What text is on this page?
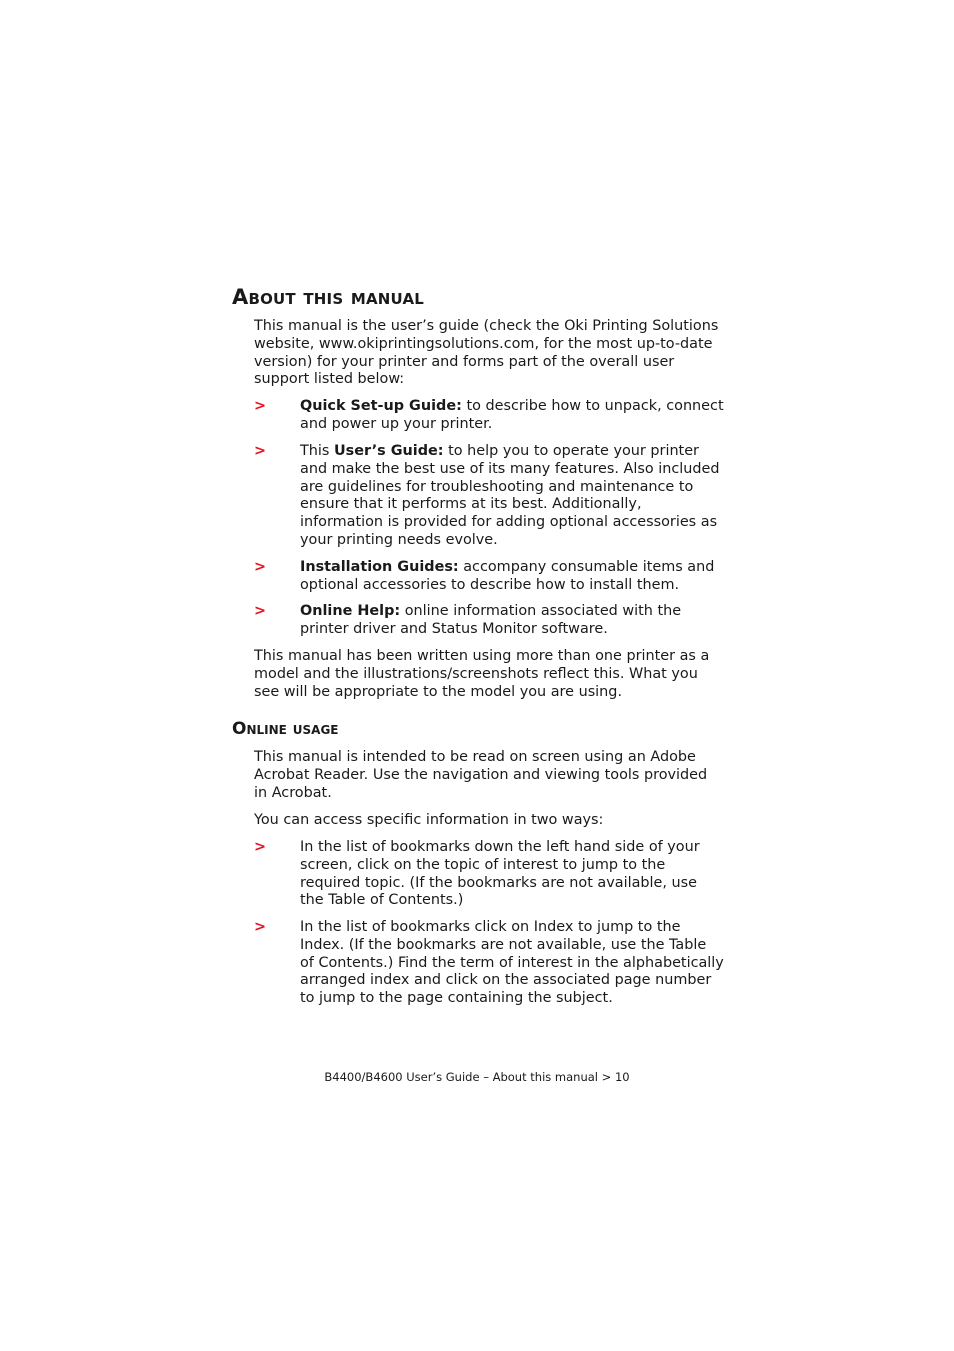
About this manual

This manual is the user’s guide (check the Oki Printing Solutions website, www.okiprintingsolutions.com, for the most up-to-date version) for your printer and forms part of the overall user support listed below:

> Quick Set-up Guide: to describe how to unpack, connect and power up your printer.

> This User’s Guide: to help you to operate your printer and make the best use of its many features. Also included are guidelines for troubleshooting and maintenance to ensure that it performs at its best. Additionally, information is provided for adding optional accessories as your printing needs evolve.

> Installation Guides: accompany consumable items and optional accessories to describe how to install them.

> Online Help: online information associated with the printer driver and Status Monitor software.

This manual has been written using more than one printer as a model and the illustrations/screenshots reflect this. What you see will be appropriate to the model you are using.

Online usage

This manual is intended to be read on screen using an Adobe Acrobat Reader. Use the navigation and viewing tools provided in Acrobat.

You can access specific information in two ways:

> In the list of bookmarks down the left hand side of your screen, click on the topic of interest to jump to the required topic. (If the bookmarks are not available, use the Table of Contents.)

> In the list of bookmarks click on Index to jump to the Index. (If the bookmarks are not available, use the Table of Contents.) Find the term of interest in the alphabetically arranged index and click on the associated page number to jump to the page containing the subject.

B4400/B4600 User’s Guide – About this manual > 10
